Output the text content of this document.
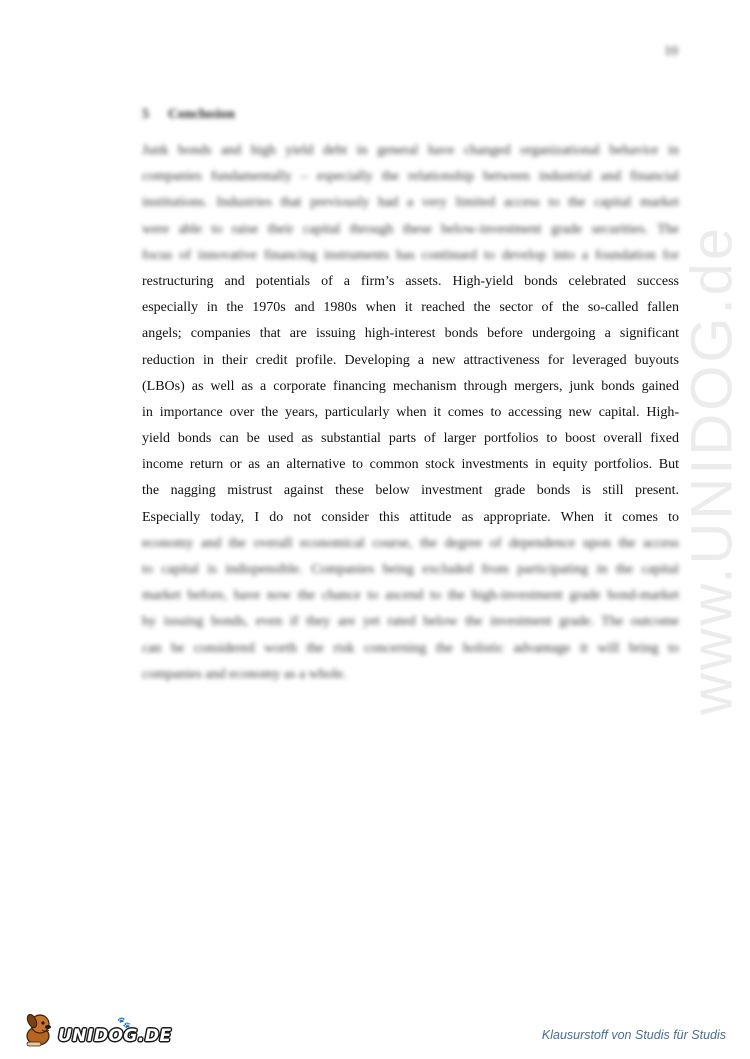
10
5 Conclusion
Junk bonds and high yield debt in general have changed organizational behavior in
companies fundamentally – especially the relationship between industrial and financial
institutions. Industries that previously had a very limited access to the capital market
were able to raise their capital through these below-investment grade securities. The
focus of innovative financing instruments has continued to develop into a foundation for
restructuring and potentials of a firm’s assets. High-yield bonds celebrated success
especially in the 1970s and 1980s when it reached the sector of the so-called fallen
angels; companies that are issuing high-interest bonds before undergoing a significant
reduction in their credit profile. Developing a new attractiveness for leveraged buyouts
(LBOs) as well as a corporate financing mechanism through mergers, junk bonds gained
in importance over the years, particularly when it comes to accessing new capital. High-
yield bonds can be used as substantial parts of larger portfolios to boost overall fixed
income return or as an alternative to common stock investments in equity portfolios. But
the nagging mistrust against these below investment grade bonds is still present.
Especially today, I do not consider this attitude as appropriate. When it comes to
economy and the overall economical course, the degree of dependence upon the access
to capital is indispensible. Companies being excluded from participating in the capital
market before, have now the chance to ascend to the high-investment grade bond-market
by issuing bonds, even if they are yet rated below the investment grade. The outcome
can be considered worth the risk concerning the holistic advantage it will bring to
companies and economy as a whole.	www.UNIDOG.de
UNIDOG.DE
🐾
Klausurstoff von Studis für Studis
